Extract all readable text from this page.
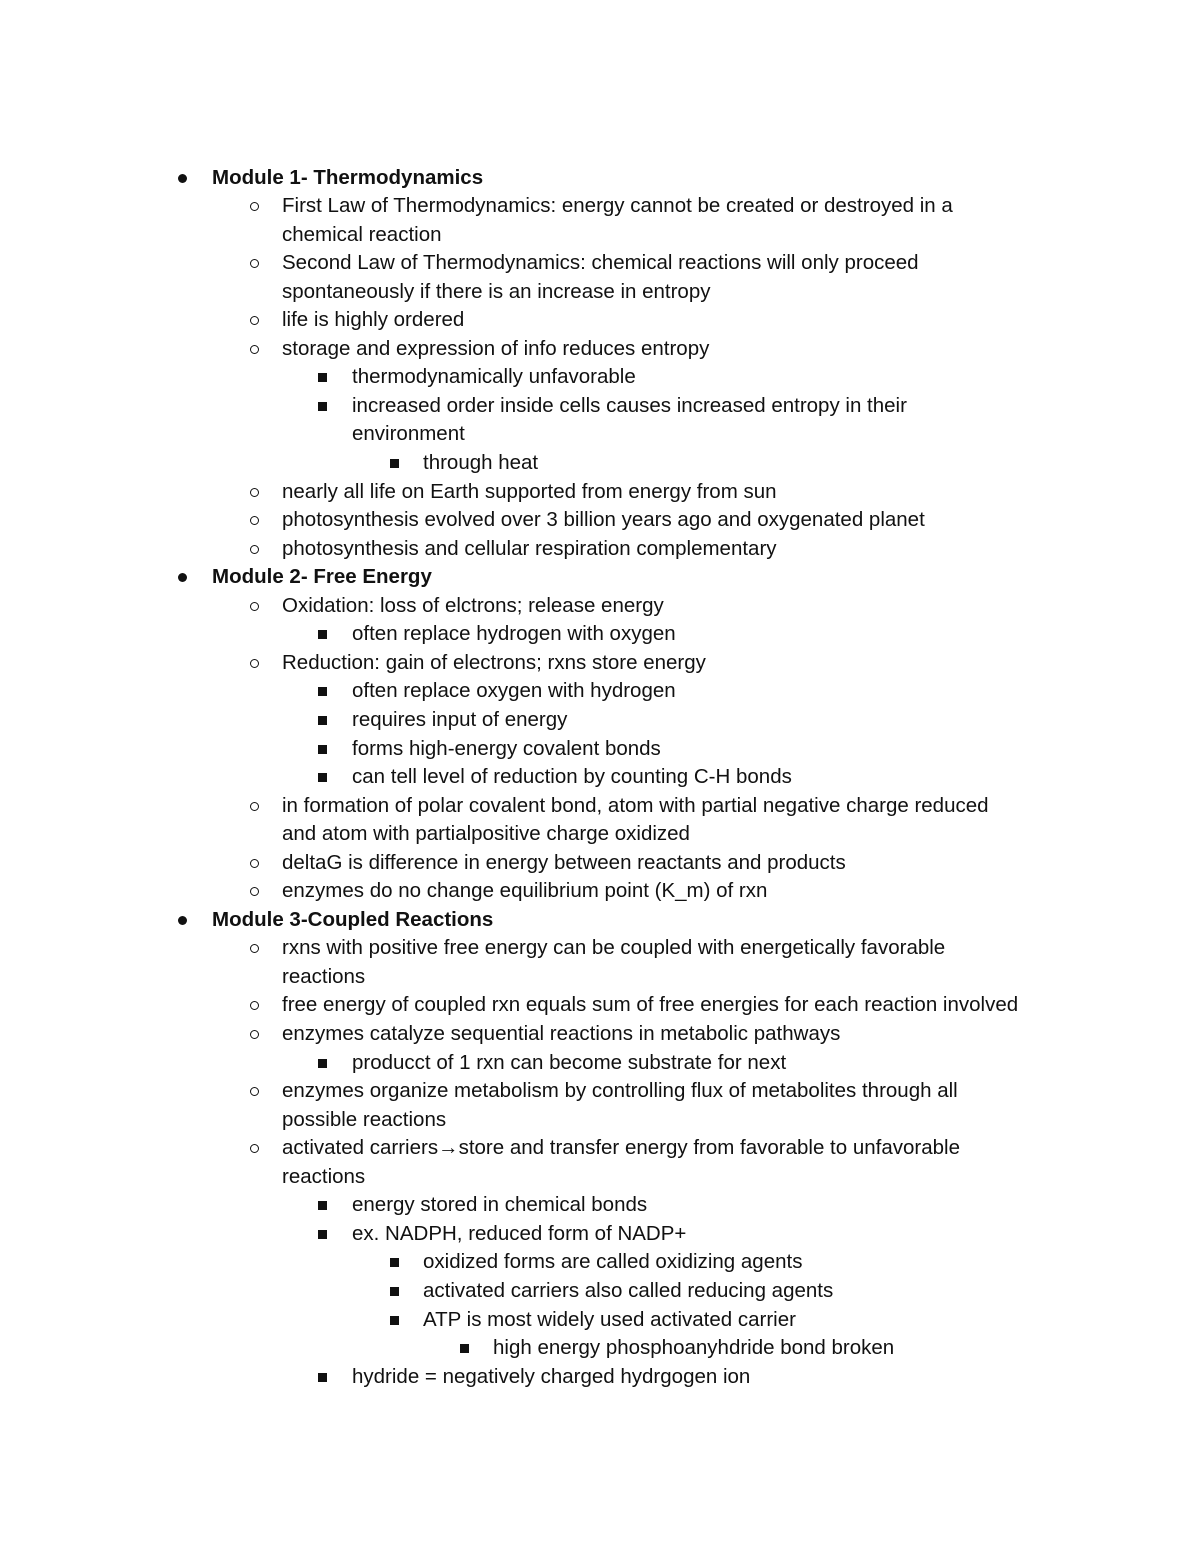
Module 1- Thermodynamics
First Law of Thermodynamics: energy cannot be created or destroyed in a
chemical reaction
Second Law of Thermodynamics: chemical reactions will only proceed
spontaneously if there is an increase in entropy
life is highly ordered
storage and expression of info reduces entropy
thermodynamically unfavorable
increased order inside cells causes increased entropy in their
environment
through heat
nearly all life on Earth supported from energy from sun
photosynthesis evolved over 3 billion years ago and oxygenated planet
photosynthesis and cellular respiration complementary
Module 2- Free Energy
Oxidation: loss of elctrons; release energy
often replace hydrogen with oxygen
Reduction: gain of electrons; rxns store energy
often replace oxygen with hydrogen
requires input of energy
forms high-energy covalent bonds
can tell level of reduction by counting C-H bonds
in formation of polar covalent bond, atom with partial negative charge reduced
and atom with partialpositive charge oxidized
deltaG is difference in energy between reactants and products
enzymes do no change equilibrium point (K_m) of rxn
Module 3-Coupled Reactions
rxns with positive free energy can be coupled with energetically favorable
reactions
free energy of coupled rxn equals sum of free energies for each reaction involved
enzymes catalyze sequential reactions in metabolic pathways
producct of 1 rxn can become substrate for next
enzymes organize metabolism by controlling flux of metabolites through all
possible reactions
activated carriers→store and transfer energy from favorable to unfavorable
reactions
energy stored in chemical bonds
ex. NADPH, reduced form of NADP+
oxidized forms are called oxidizing agents
activated carriers also called reducing agents
ATP is most widely used activated carrier
high energy phosphoanyhdride bond broken
hydride = negatively charged hydrgogen ion
